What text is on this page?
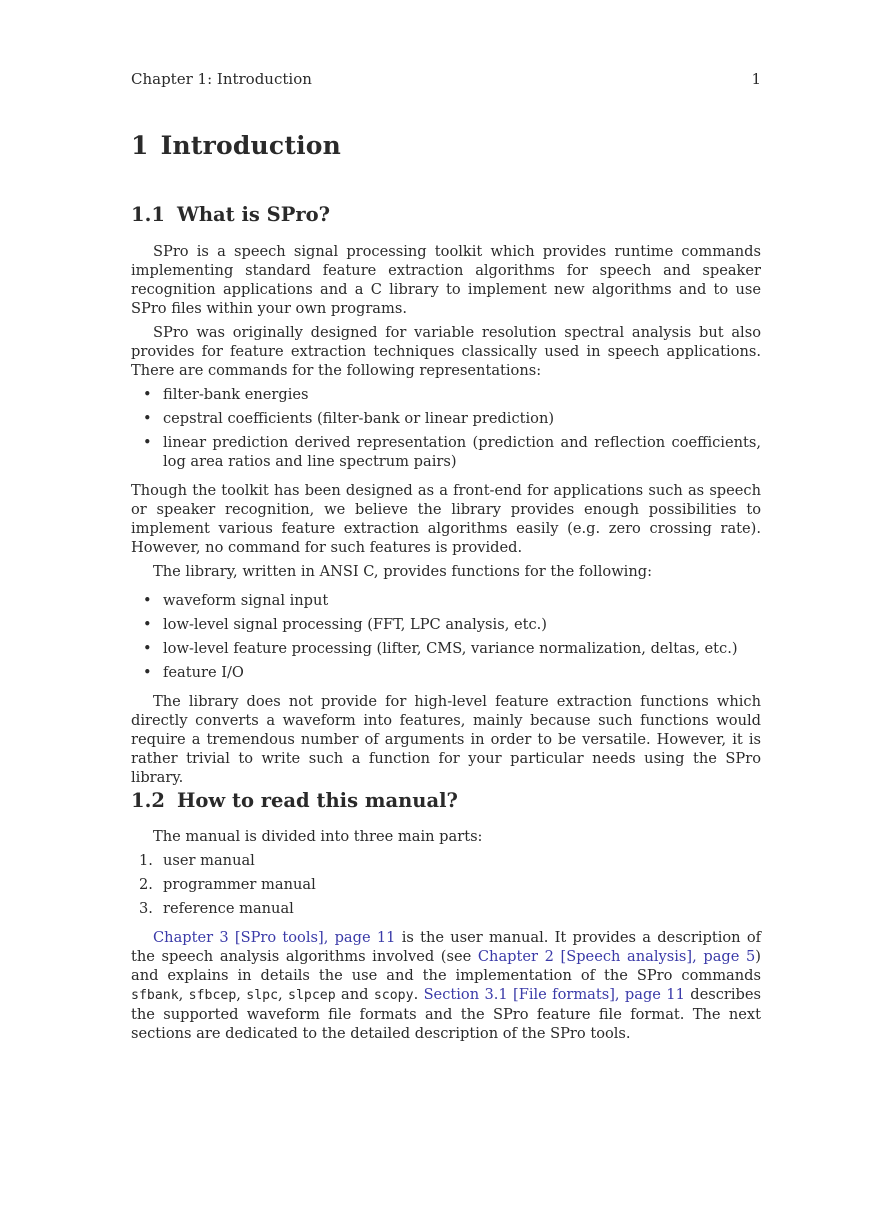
Chapter 1: Introduction	1
1 Introduction
1.1 What is SPro?

SPro is a speech signal processing toolkit which provides runtime commands implementing standard feature extraction algorithms for speech and speaker recognition applications and a C library to implement new algorithms and to use SPro files within your own programs.

SPro was originally designed for variable resolution spectral analysis but also provides for feature extraction techniques classically used in speech applications. There are commands for the following representations:

• filter-bank energies
• cepstral coefficients (filter-bank or linear prediction)
• linear prediction derived representation (prediction and reflection coefficients, log area ratios and line spectrum pairs)

Though the toolkit has been designed as a front-end for applications such as speech or speaker recognition, we believe the library provides enough possibilities to implement various feature extraction algorithms easily (e.g. zero crossing rate). However, no command for such features is provided.

The library, written in ANSI C, provides functions for the following:

• waveform signal input
• low-level signal processing (FFT, LPC analysis, etc.)
• low-level feature processing (lifter, CMS, variance normalization, deltas, etc.)
• feature I/O

The library does not provide for high-level feature extraction functions which directly converts a waveform into features, mainly because such functions would require a tremendous number of arguments in order to be versatile. However, it is rather trivial to write such a function for your particular needs using the SPro library.

1.2 How to read this manual?

The manual is divided into three main parts:

1. user manual
2. programmer manual
3. reference manual

Chapter 3 [SPro tools], page 11 is the user manual. It provides a description of the speech analysis algorithms involved (see Chapter 2 [Speech analysis], page 5) and explains in details the use and the implementation of the SPro commands sfbank, sfbcep, slpc, slpcep and scopy. Section 3.1 [File formats], page 11 describes the supported waveform file formats and the SPro feature file format. The next sections are dedicated to the detailed description of the SPro tools.
